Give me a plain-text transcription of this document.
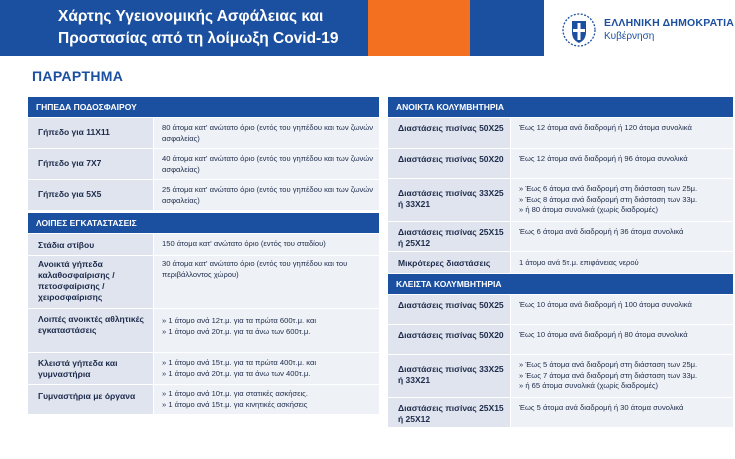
Χάρτης Υγειονομικής Ασφάλειας και
Προστασίας από τη λοίμωξη Covid-19
ΕΛΛΗΝΙΚΗ ΔΗΜΟΚΡΑΤΙΑ
Κυβέρνηση
ΠΑΡΑΡΤΗΜΑ
ΓΗΠΕΔΑ ΠΟΔΟΣΦΑΙΡΟΥ
Γήπεδο για 11Χ11	80 άτομα κατ' ανώτατο όριο (εντός του γηπέδου και των ζωνών ασφαλείας)
Γήπεδο για 7Χ7	40 άτομα κατ' ανώτατο όριο (εντός του γηπέδου και των ζωνών ασφαλείας)
Γήπεδο για 5Χ5	25 άτομα κατ' ανώτατο όριο (εντός του γηπέδου και των ζωνών ασφαλείας)
ΛΟΙΠΕΣ ΕΓΚΑΤΑΣΤΑΣΕΙΣ
Στάδια στίβου	150 άτομα κατ' ανώτατο όριο (εντός του σταδίου)
Ανοικτά γήπεδα καλαθοσφαίρισης / πετοσφαίρισης / χειροσφαίρισης
30 άτομα κατ' ανώτατο όριο (εντός του γηπέδου και του περιβάλλοντος χώρου)
Λοιπές ανοικτές αθλητικές εγκαταστάσεις
» 1 άτομο ανά 12τ.μ. για τα πρώτα 600τ.μ. και
» 1 άτομο ανά 20τ.μ. για τα άνω των 600τ.μ.
Κλειστά γήπεδα και γυμναστήρια
» 1 άτομο ανά 15τ.μ. για τα πρώτα 400τ.μ. και
» 1 άτομο ανά 20τ.μ. για τα άνω των 400τ.μ.
Γυμναστήρια με όργανα
»	1 άτομο ανά 10τ.μ. για στατικές ασκήσεις.
» 1 άτομο ανά 15τ.μ. για κινητικές ασκήσεις
ΑΝΟΙΚΤΑ ΚΟΛΥΜΒΗΤΗΡΙΑ
Διαστάσεις πισίνας 50Χ25	Έως 12 άτομα ανά διαδρομή ή 120 άτομα συνολικά
Διαστάσεις πισίνας 50Χ20	Έως 12 άτομα ανά διαδρομή ή 96 άτομα συνολικά
Διαστάσεις πισίνας 33Χ25 ή 33Χ21
» Έως 6 άτομα ανά διαδρομή στη διάσταση των 25μ.
» Έως 8 άτομα ανά διαδρομή στη διάσταση των 33μ.
» ή 80 άτομα συνολικά (χωρίς διαδρομές)
Διαστάσεις πισίνας 25Χ15 ή 25Χ12
Έως 6 άτομα ανά διαδρομή ή 36 άτομα συνολικά
Μικρότερες διαστάσεις	1 άτομο ανά 5τ.μ. επιφάνειας νερού
ΚΛΕΙΣΤΑ ΚΟΛΥΜΒΗΤΗΡΙΑ
Διαστάσεις πισίνας 50Χ25	Έως 10 άτομα ανά διαδρομή ή 100 άτομα συνολικά
Διαστάσεις πισίνας 50Χ20	Έως 10 άτομα ανά διαδρομή ή 80 άτομα συνολικά
Διαστάσεις πισίνας 33Χ25 ή 33Χ21
» Έως 5 άτομα ανά διαδρομή στη διάσταση των 25μ.
» Έως 7 άτομα ανά διαδρομή στη διάσταση των 33μ.
» ή 65 άτομα συνολικά (χωρίς διαδρομές)
Διαστάσεις πισίνας 25Χ15 ή 25Χ12
Έως 5 άτομα ανά διαδρομή ή 30 άτομα συνολικά
